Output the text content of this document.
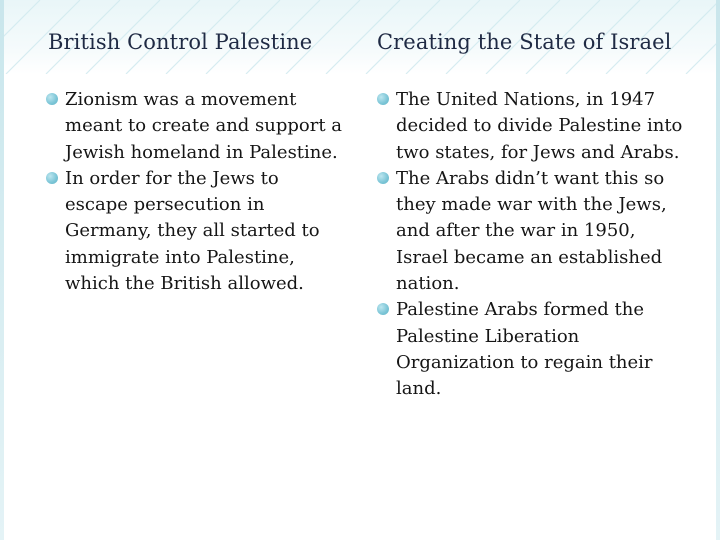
British Control Palestine	Creating the State of Israel
Zionism was a movement meant to create and support a Jewish homeland in Palestine.
In order for the Jews to escape persecution in Germany, they all started to immigrate into Palestine, which the British allowed.
The United Nations, in 1947 decided to divide Palestine into two states, for Jews and Arabs.
The Arabs didn’t want this so they made war with the Jews, and after the war in 1950, Israel became an established nation.
Palestine Arabs formed the Palestine Liberation Organization to regain their land.
